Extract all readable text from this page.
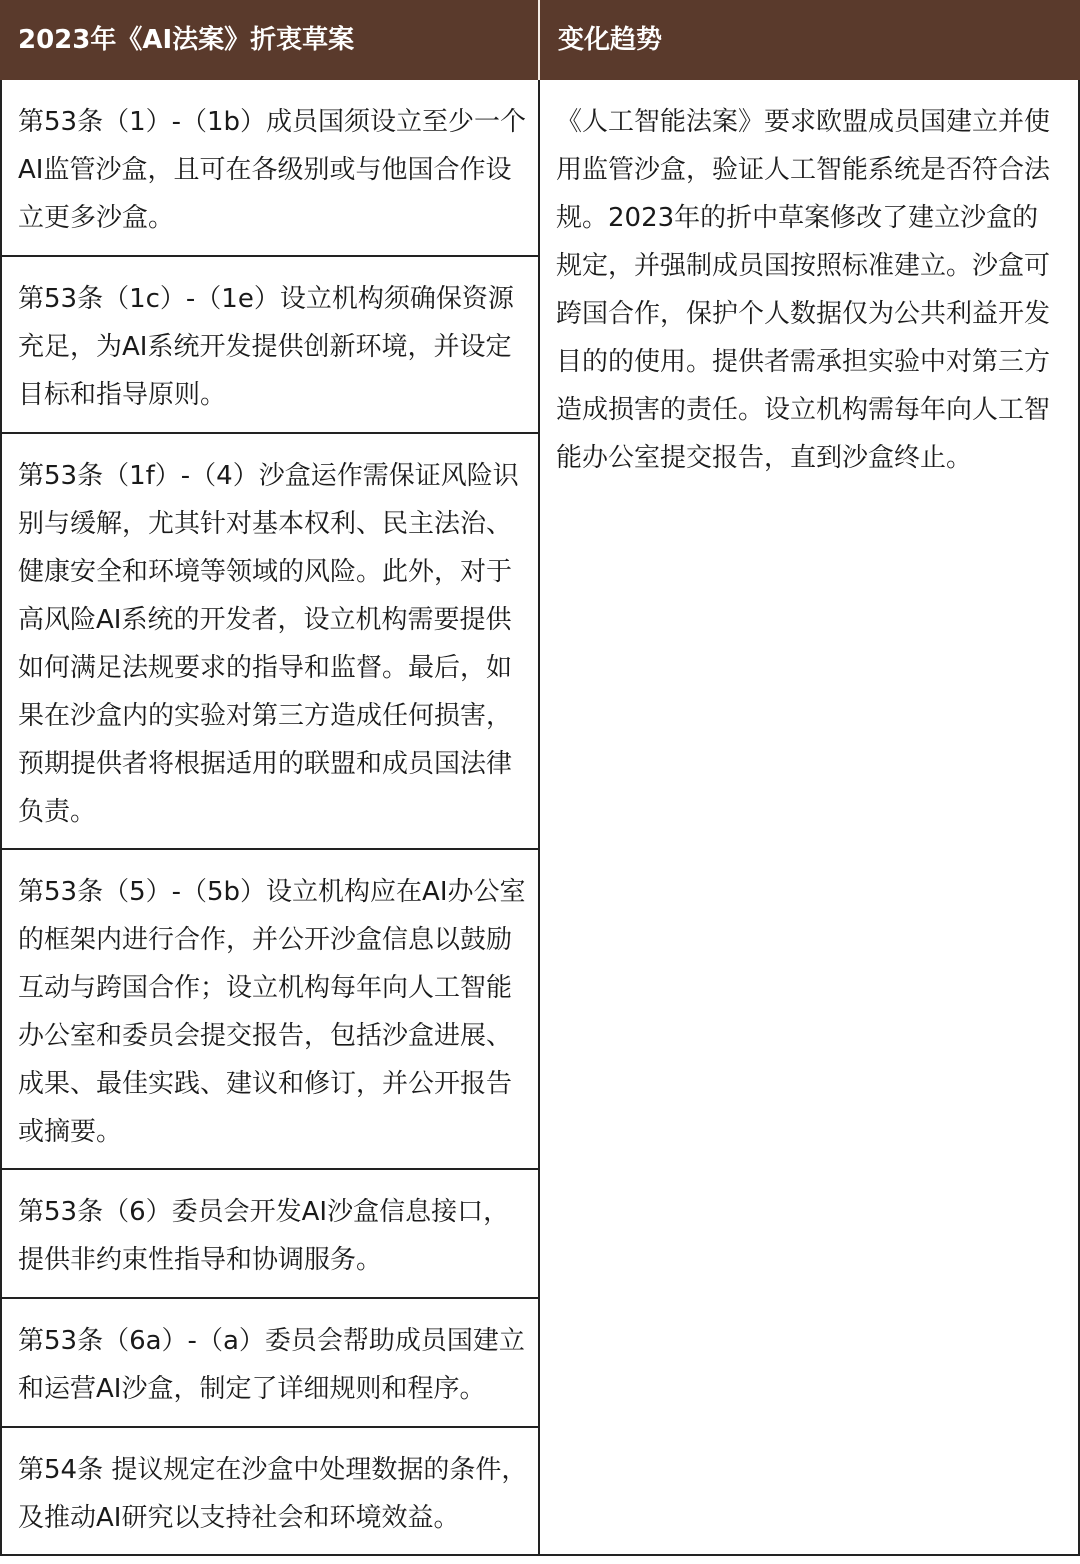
2023年《AI法案》折衷草案	变化趋势
第53条（1）-（1b）成员国须设立至少一个AI监管沙盒，且可在各级别或与他国合作设立更多沙盒。
第53条（1c）-（1e）设立机构须确保资源充足，为AI系统开发提供创新环境，并设定目标和指导原则。
第53条（1f）-（4）沙盒运作需保证风险识别与缓解，尤其针对基本权利、民主法治、健康安全和环境等领域的风险。此外，对于高风险AI系统的开发者，设立机构需要提供如何满足法规要求的指导和监督。最后，如果在沙盒内的实验对第三方造成任何损害，预期提供者将根据适用的联盟和成员国法律负责。
第53条（5）-（5b）设立机构应在AI办公室的框架内进行合作，并公开沙盒信息以鼓励互动与跨国合作；设立机构每年向人工智能办公室和委员会提交报告，包括沙盒进展、成果、最佳实践、建议和修订，并公开报告或摘要。
第53条（6）委员会开发AI沙盒信息接口，提供非约束性指导和协调服务。
第53条（6a）-（a）委员会帮助成员国建立和运营AI沙盒，制定了详细规则和程序。
第54条 提议规定在沙盒中处理数据的条件，及推动AI研究以支持社会和环境效益。
《人工智能法案》要求欧盟成员国建立并使用监管沙盒，验证人工智能系统是否符合法规。2023年的折中草案修改了建立沙盒的规定，并强制成员国按照标准建立。沙盒可跨国合作，保护个人数据仅为公共利益开发目的的使用。提供者需承担实验中对第三方造成损害的责任。设立机构需每年向人工智能办公室提交报告，直到沙盒终止。
